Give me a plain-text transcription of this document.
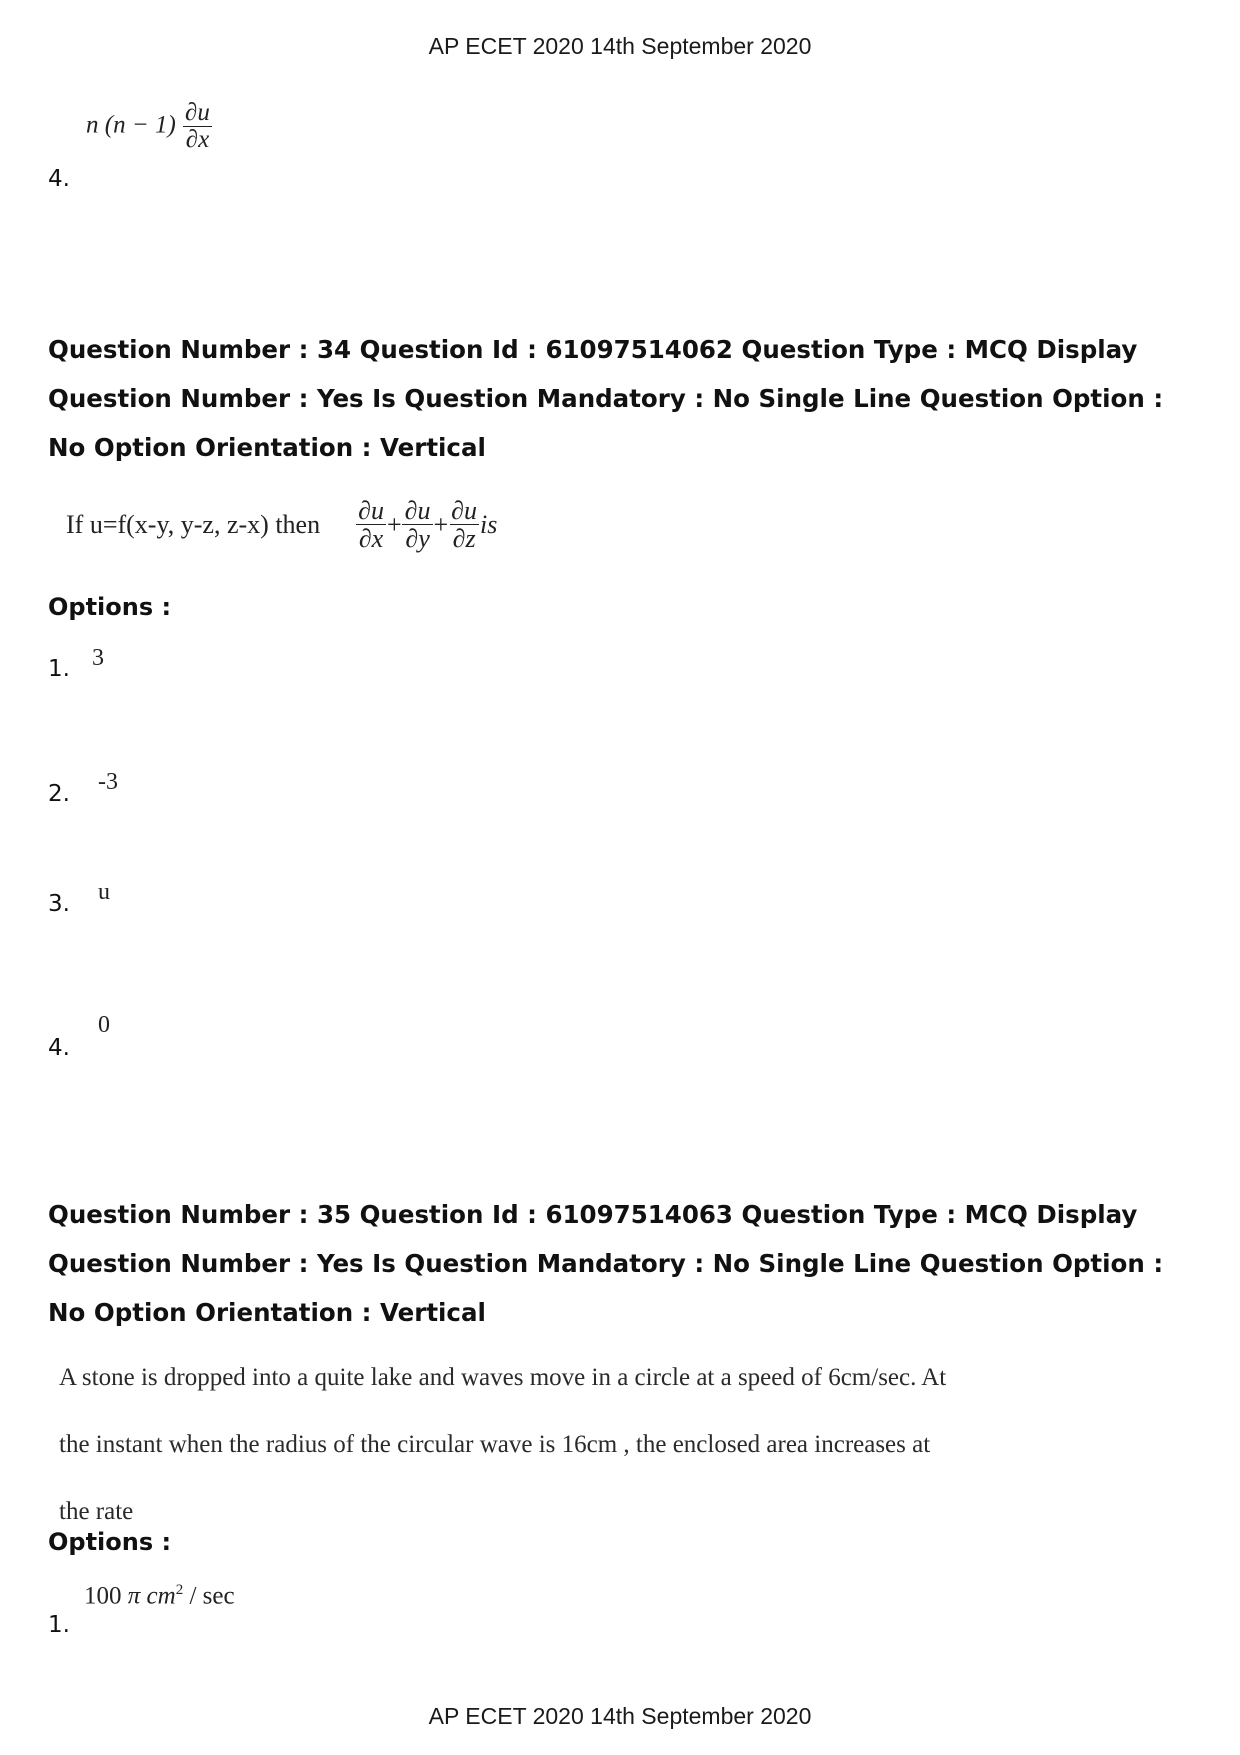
AP ECET 2020 14th September 2020
n $(n - 1) \frac{\partial u}{\partial x}$
4.
Question Number : 34 Question Id : 61097514062 Question Type : MCQ Display Question Number : Yes Is Question Mandatory : No Single Line Question Option : No Option Orientation : Vertical
If u=f(x-y, y-z, z-x) then $\frac{\partial u}{\partial x} + \frac{\partial u}{\partial y} + \frac{\partial u}{\partial z}$ is
Options :
1. 3
2. -3
3. u
4.
0
Question Number : 35 Question Id : 61097514063 Question Type : MCQ Display Question Number : Yes Is Question Mandatory : No Single Line Question Option : No Option Orientation : Vertical
A stone is dropped into a quite lake and waves move in a circle at a speed of 6cm/sec. At
the instant when the radius of the circular wave is 16cm , the enclosed area increases at
the rate
Options :
100 π $cm^2$ / sec
1.
AP ECET 2020 14th September 2020
